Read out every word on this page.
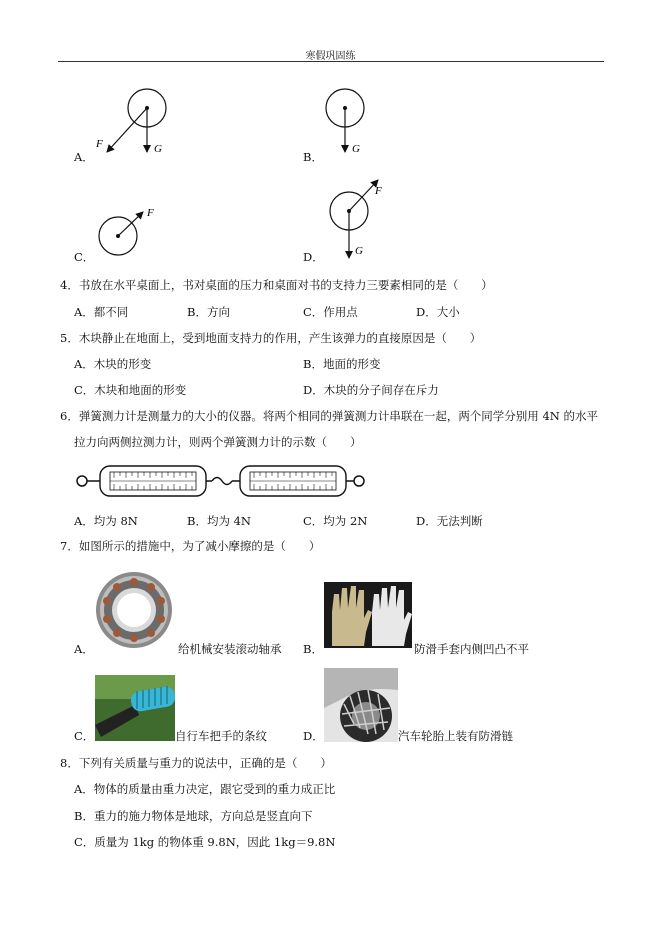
寒假巩固练
A．
F	G
B．
G
C．
F
D．
F
G
4．书放在水平桌面上，书对桌面的压力和桌面对书的支持力三要素相同的是（　　）
A．都不同	B．方向	C．作用点	D．大小
5．木块静止在地面上，受到地面支持力的作用，产生该弹力的直接原因是（　　）
A．木块的形变	B．地面的形变
C．木块和地面的形变	D．木块的分子间存在斥力
6．弹簧测力计是测量力的大小的仪器。将两个相同的弹簧测力计串联在一起，两个同学分别用 4N 的水平
拉力向两侧拉测力计，则两个弹簧测力计的示数（　　）
A．均为 8N	B．均为 4N	C．均为 2N	D．无法判断
7．如图所示的措施中，为了减小摩擦的是（　　）
A．	给机械安装滚动轴承 B．	防滑手套内侧凹凸不平
C．	自行车把手的条纹	D．	汽车轮胎上装有防滑链
8．下列有关质量与重力的说法中，正确的是（　　）
A．物体的质量由重力决定，跟它受到的重力成正比
B．重力的施力物体是地球，方向总是竖直向下
C．质量为 1kg 的物体重 9.8N，因此 1kg＝9.8N
